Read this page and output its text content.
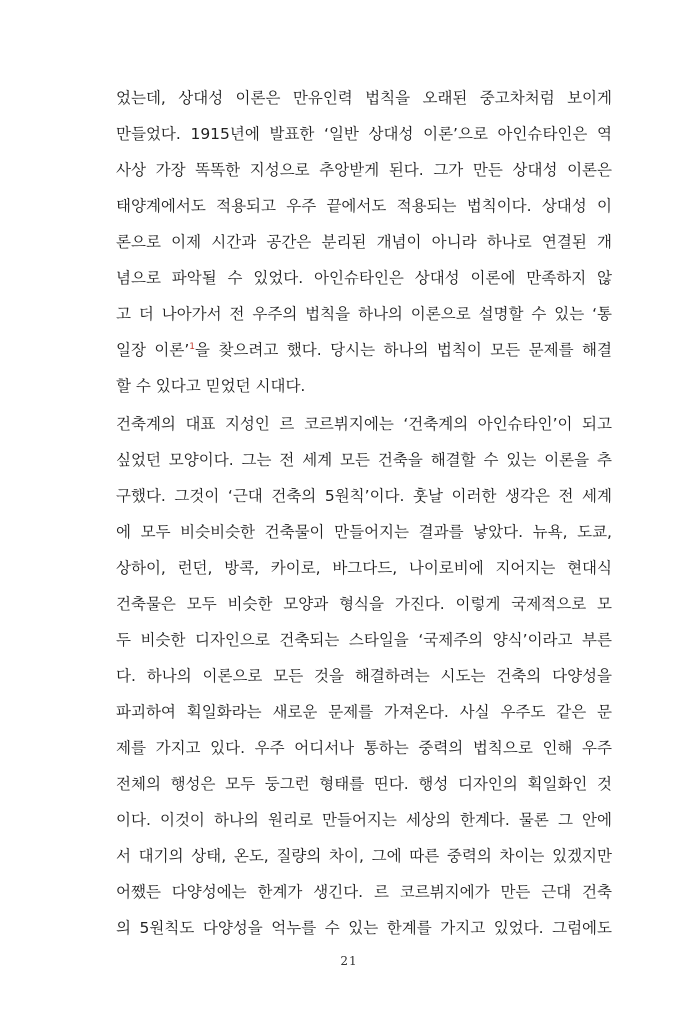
었는데, 상대성 이론은 만유인력 법칙을 오래된 중고차처럼 보이게
만들었다. 1915년에 발표한 ‘일반 상대성 이론’으로 아인슈타인은 역
사상 가장 똑똑한 지성으로 추앙받게 된다. 그가 만든 상대성 이론은
태양계에서도 적용되고 우주 끝에서도 적용되는 법칙이다. 상대성 이
론으로 이제 시간과 공간은 분리된 개념이 아니라 하나로 연결된 개
념으로 파악될 수 있었다. 아인슈타인은 상대성 이론에 만족하지 않
고 더 나아가서 전 우주의 법칙을 하나의 이론으로 설명할 수 있는 ‘통
일장 이론’$^1$을 찾으려고 했다. 당시는 하나의 법칙이 모든 문제를 해결
할 수 있다고 믿었던 시대다.
건축계의 대표 지성인 르 코르뷔지에는 ‘건축계의 아인슈타인’이 되고
싶었던 모양이다. 그는 전 세계 모든 건축을 해결할 수 있는 이론을 추
구했다. 그것이 ‘근대 건축의 5원칙’이다. 훗날 이러한 생각은 전 세계
에 모두 비슷비슷한 건축물이 만들어지는 결과를 낳았다. 뉴욕, 도쿄,
상하이, 런던, 방콕, 카이로, 바그다드, 나이로비에 지어지는 현대식
건축물은 모두 비슷한 모양과 형식을 가진다. 이렇게 국제적으로 모
두 비슷한 디자인으로 건축되는 스타일을 ‘국제주의 양식’이라고 부른
다. 하나의 이론으로 모든 것을 해결하려는 시도는 건축의 다양성을
파괴하여 획일화라는 새로운 문제를 가져온다. 사실 우주도 같은 문
제를 가지고 있다. 우주 어디서나 통하는 중력의 법칙으로 인해 우주
전체의 행성은 모두 둥그런 형태를 띤다. 행성 디자인의 획일화인 것
이다. 이것이 하나의 원리로 만들어지는 세상의 한계다. 물론 그 안에
서 대기의 상태, 온도, 질량의 차이, 그에 따른 중력의 차이는 있겠지만
어쨌든 다양성에는 한계가 생긴다. 르 코르뷔지에가 만든 근대 건축
의 5원칙도 다양성을 억누를 수 있는 한계를 가지고 있었다. 그럼에도
21
